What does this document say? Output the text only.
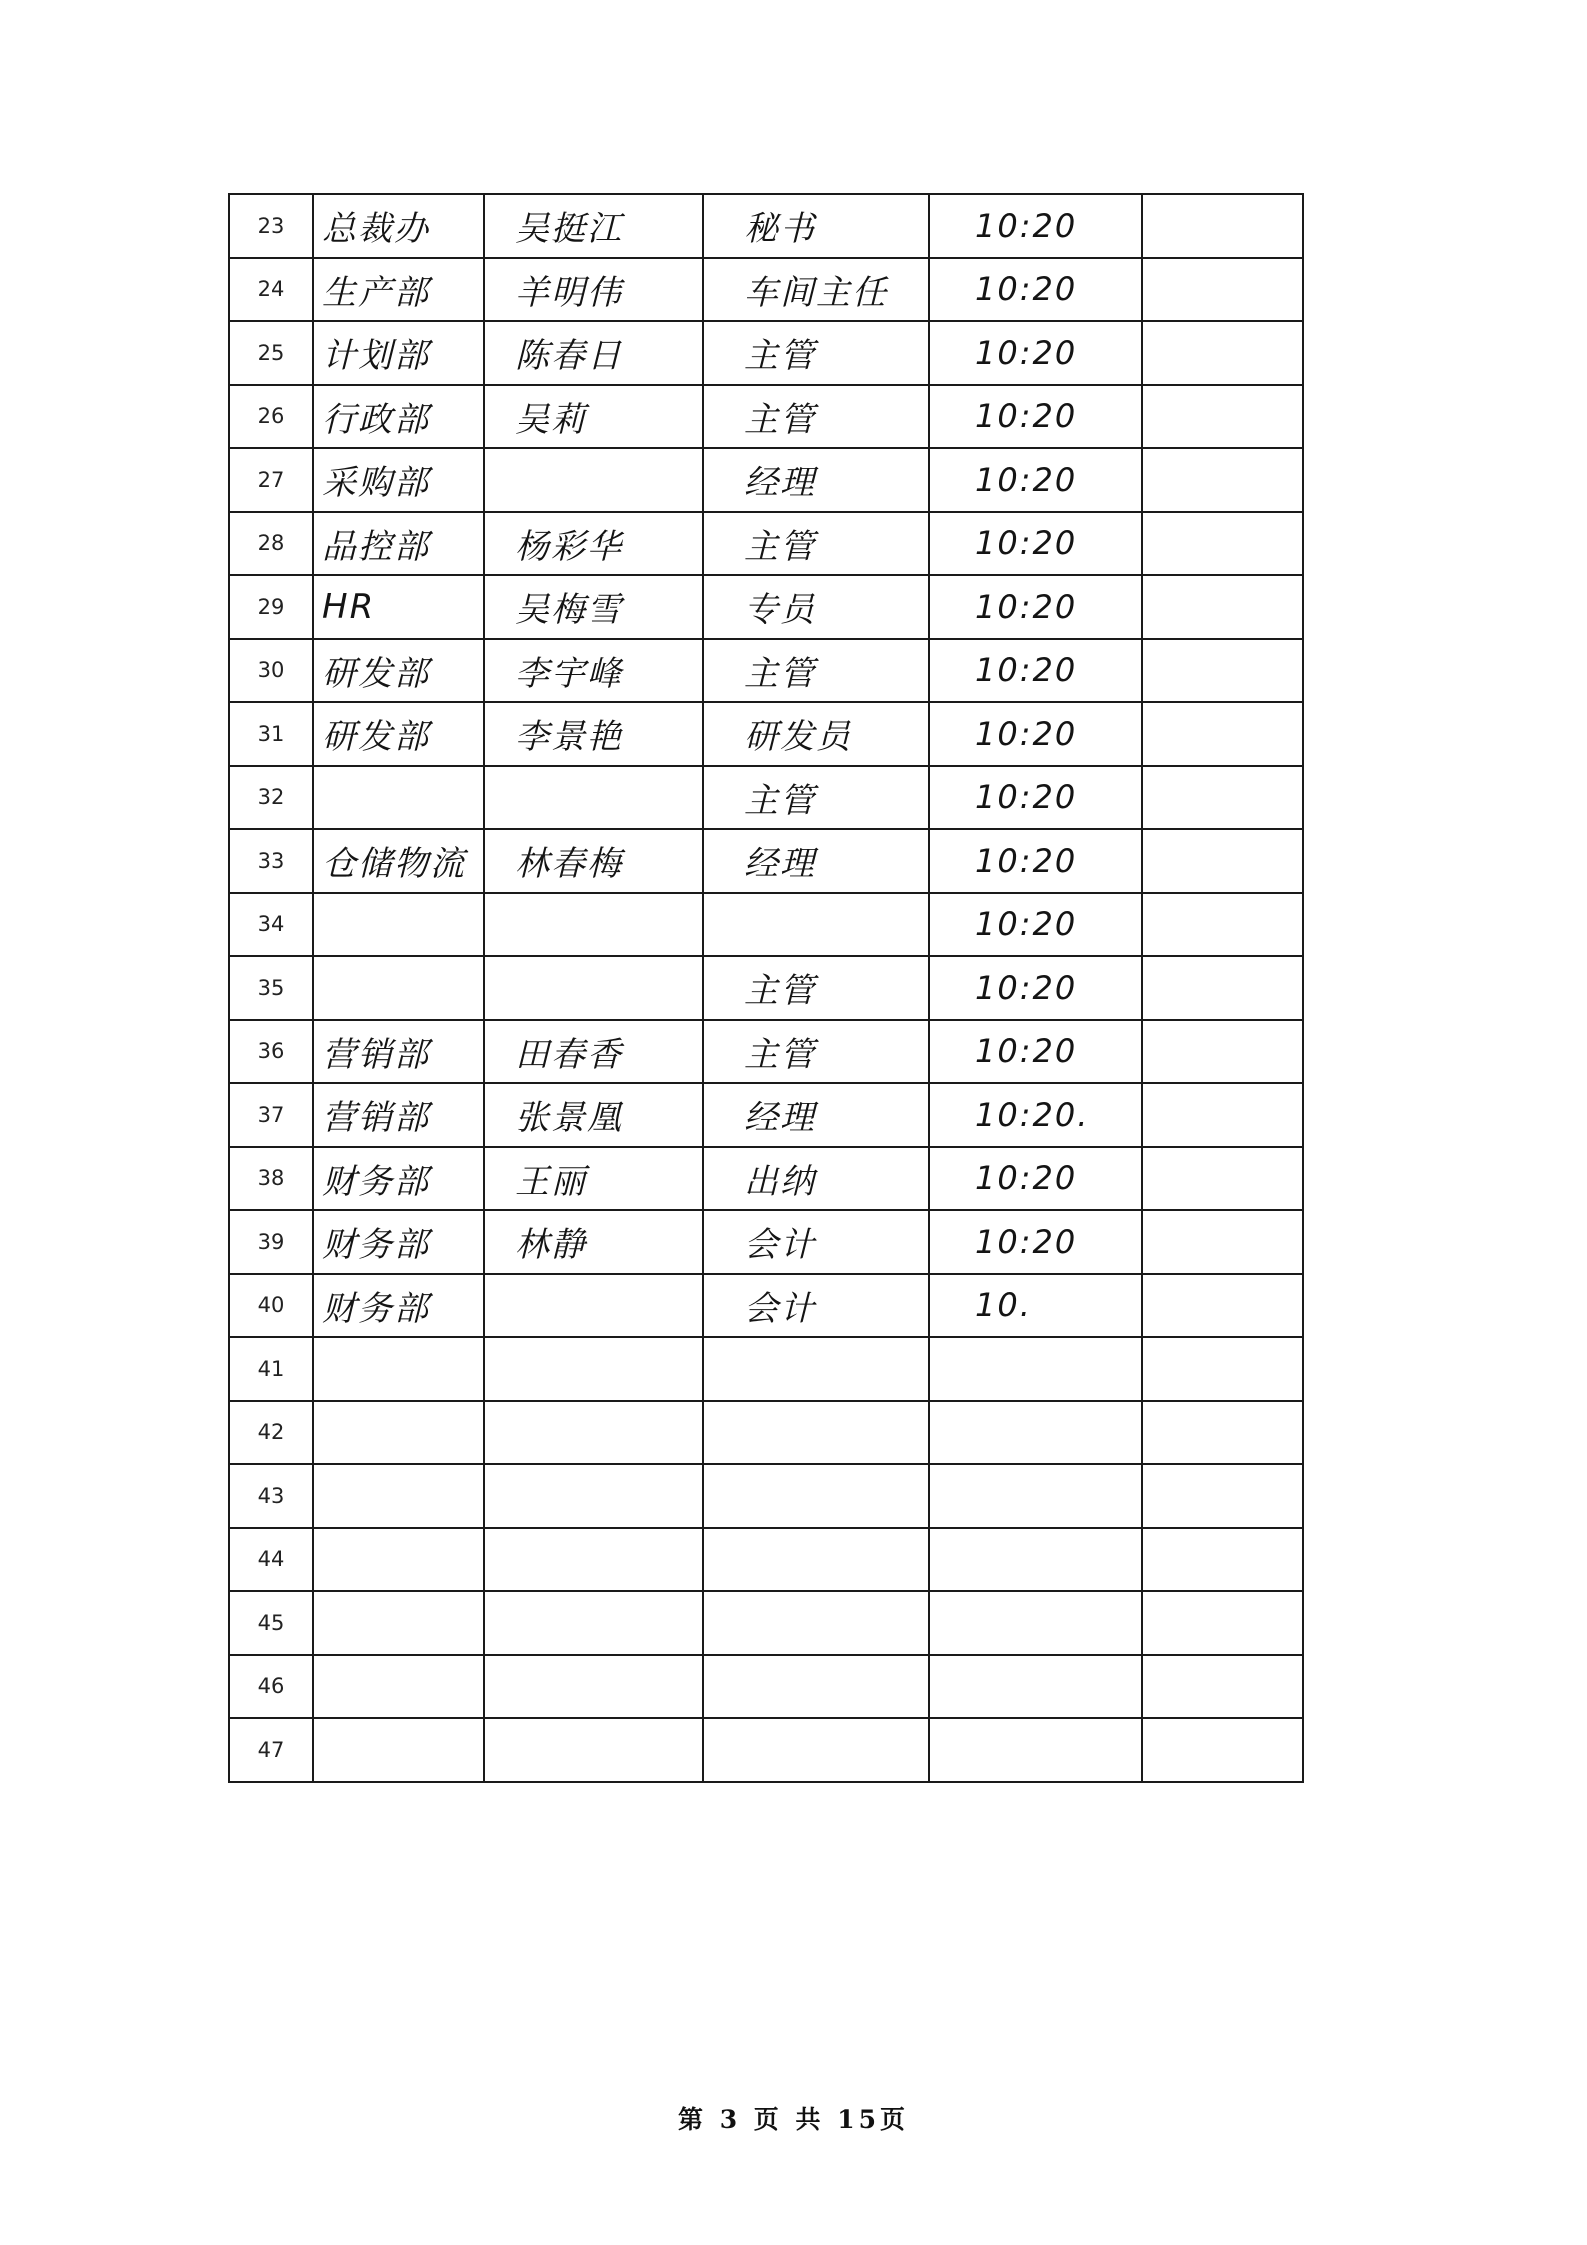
23	总裁办	吴挺江	秘书	10:20	
24	生产部	羊明伟	车间主任	10:20	
25	计划部	陈春日	主管	10:20	
26	行政部	吴莉	主管	10:20	
27	采购部		经理	10:20	
28	品控部	杨彩华	主管	10:20	
29	HR	吴梅雪	专员	10:20	
30	研发部	李宇峰	主管	10:20	
31	研发部	李景艳	研发员	10:20	
32			主管	10:20	
33	仓储物流	林春梅	经理	10:20	
34				10:20	
35			主管	10:20	
36	营销部	田春香	主管	10:20	
37	营销部	张景凰	经理	10:20.	
38	财务部	王丽	出纳	10:20	
39	财务部	林静	会计	10:20	
40	财务部		会计	10.	
41					
42					
43					
44					
45					
46					
47					
第 3 页 共 15页
